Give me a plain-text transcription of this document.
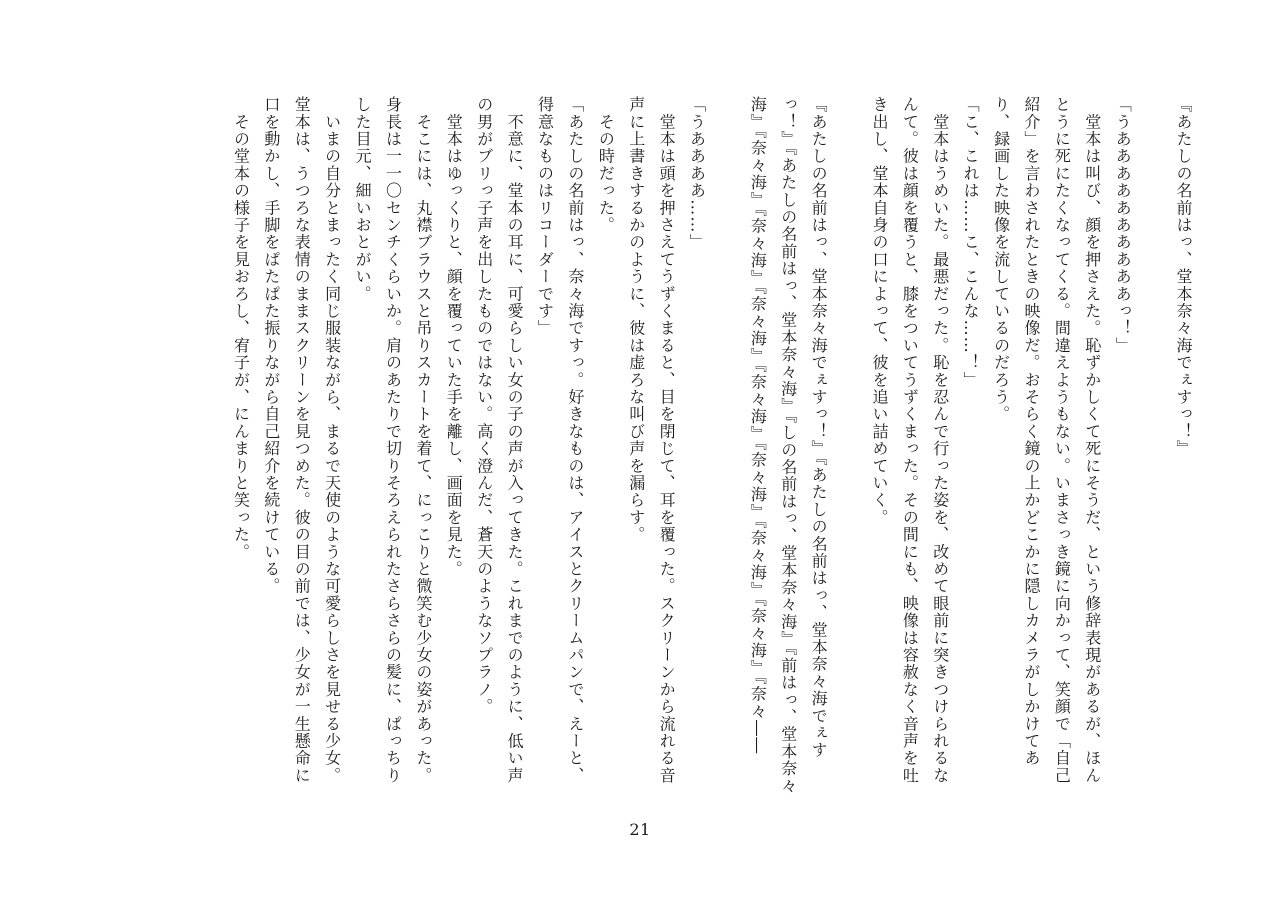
『あたしの名前はっ、堂本奈々海でぇすっ！』

「うああああああああああっ！」

　堂本は叫び、顔を押さえた。恥ずかしくて死にそうだ、という修辞表現があるが、ほんとうに死にたくなってくる。間違えようもない。いまさっき鏡に向かって、笑顔で「自己紹介」を言わされたときの映像だ。おそらく鏡の上かどこかに隠しカメラがしかけてあり、録画した映像を流しているのだろう。

「こ、これは……こ、こんな……！」

　堂本はうめいた。最悪だった。恥を忍んで行った姿を、改めて眼前に突きつけられるなんて。彼は顔を覆うと、膝をついてうずくまった。その間にも、映像は容赦なく音声を吐き出し、堂本自身の口によって、彼を追い詰めていく。

『あたしの名前はっ、堂本奈々海でぇすっ！』『あたしの名前はっ、堂本奈々海でぇすっ！』『あたしの名前はっ、堂本奈々海』『しの名前はっ、堂本奈々海』『前はっ、堂本奈々海』『奈々海』『奈々海』『奈々海』『奈々海』『奈々海』『奈々海』『奈々海』『奈々――

「うああああ……」

　堂本は頭を押さえてうずくまると、目を閉じて、耳を覆った。スクリーンから流れる音声に上書きするかのように、彼は虚ろな叫び声を漏らす。

　その時だった。

「あたしの名前はっ、奈々海ですっ。好きなものは、アイスとクリームパンで、えーと、得意なものはリコーダーです」

　不意に、堂本の耳に、可愛らしい女の子の声が入ってきた。これまでのように、低い声の男がブリっ子声を出したものではない。高く澄んだ、蒼天のようなソプラノ。

　堂本はゆっくりと、顔を覆っていた手を離し、画面を見た。

　そこには、丸襟ブラウスと吊りスカートを着て、にっこりと微笑む少女の姿があった。身長は一一〇センチくらいか。肩のあたりで切りそろえられたさらさらの髪に、ぱっちりした目元、細いおとがい。

　いまの自分とまったく同じ服装ながら、まるで天使のような可愛らしさを見せる少女。堂本は、うつろな表情のままスクリーンを見つめた。彼の目の前では、少女が一生懸命に口を動かし、手脚をぱたぱた振りながら自己紹介を続けている。

　その堂本の様子を見おろし、宥子が、にんまりと笑った。

21
